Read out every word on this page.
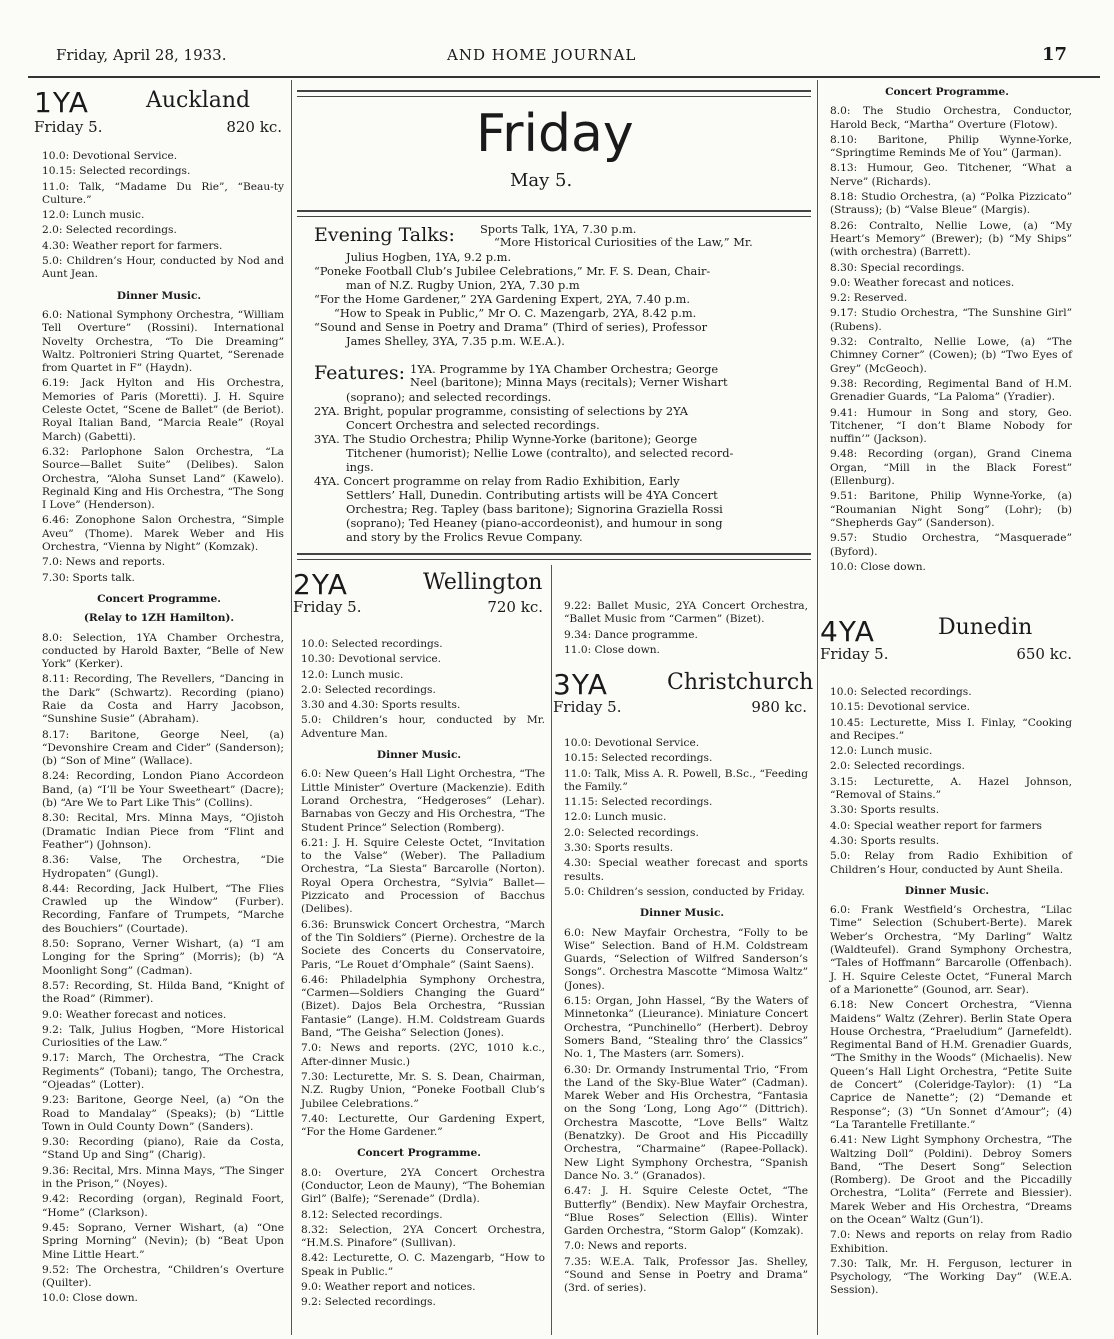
Friday, April 28, 1933.	AND HOME JOURNAL	17
1YA	Auckland
Friday 5.	820 kc.

10.0: Devotional Service.

10.15: Selected recordings.

11.0: Talk, “Madame Du Rie”, “Beau-ty Culture.”

12.0: Lunch music.

2.0: Selected recordings.

4.30: Weather report for farmers.

5.0: Children’s Hour, conducted by Nod and Aunt Jean.

Dinner Music.

6.0: National Symphony Orchestra, “William Tell Overture” (Rossini). International Novelty Orchestra, “To Die Dreaming” Waltz. Poltronieri String Quartet, “Serenade from Quartet in F” (Haydn).

6.19: Jack Hylton and His Orchestra, Memories of Paris (Moretti). J. H. Squire Celeste Octet, “Scene de Ballet” (de Beriot). Royal Italian Band, “Marcia Reale” (Royal March) (Gabetti).

6.32: Parlophone Salon Orchestra, “La Source—Ballet Suite” (Delibes). Salon Orchestra, “Aloha Sunset Land” (Kawelo). Reginald King and His Orchestra, “The Song I Love” (Henderson).

6.46: Zonophone Salon Orchestra, “Simple Aveu” (Thome). Marek Weber and His Orchestra, “Vienna by Night” (Komzak).

7.0: News and reports.

7.30: Sports talk.

Concert Programme.
(Relay to 1ZH Hamilton).

8.0: Selection, 1YA Chamber Orchestra, conducted by Harold Baxter, “Belle of New York” (Kerker).

8.11: Recording, The Revellers, “Dancing in the Dark” (Schwartz). Recording (piano) Raie da Costa and Harry Jacobson, “Sunshine Susie” (Abraham).

8.17: Baritone, George Neel, (a) “Devonshire Cream and Cider” (Sanderson); (b) “Son of Mine” (Wallace).

8.24: Recording, London Piano Accordeon Band, (a) “I’ll be Your Sweetheart” (Dacre); (b) “Are We to Part Like This” (Collins).

8.30: Recital, Mrs. Minna Mays, “Ojistoh (Dramatic Indian Piece from “Flint and Feather”) (Johnson).

8.36: Valse, The Orchestra, “Die Hydropaten” (Gungl).

8.44: Recording, Jack Hulbert, “The Flies Crawled up the Window” (Furber). Recording, Fanfare of Trumpets, “Marche des Bouchiers” (Courtade).

8.50: Soprano, Verner Wishart, (a) “I am Longing for the Spring” (Morris); (b) “A Moonlight Song” (Cadman).

8.57: Recording, St. Hilda Band, “Knight of the Road” (Rimmer).

9.0: Weather forecast and notices.

9.2: Talk, Julius Hogben, “More Historical Curiosities of the Law.”

9.17: March, The Orchestra, “The Crack Regiments” (Tobani); tango, The Orchestra, “Ojeadas” (Lotter).

9.23: Baritone, George Neel, (a) “On the Road to Mandalay” (Speaks); (b) “Little Town in Ould County Down” (Sanders).

9.30: Recording (piano), Raie da Costa, “Stand Up and Sing” (Charig).

9.36: Recital, Mrs. Minna Mays, “The Singer in the Prison,” (Noyes).

9.42: Recording (organ), Reginald Foort, “Home” (Clarkson).

9.45: Soprano, Verner Wishart, (a) “One Spring Morning” (Nevin); (b) “Beat Upon Mine Little Heart.”

9.52: The Orchestra, “Children’s Overture (Quilter).

10.0: Close down.

Friday
May 5.
Evening Talks: Sports Talk, 1YA, 7.30 p.m.
“More Historical Curiosities of the Law,” Mr.
Julius Hogben, 1YA, 9.2 p.m.
“Poneke Football Club’s Jubilee Celebrations,” Mr. F. S. Dean, Chair-
man of N.Z. Rugby Union, 2YA, 7.30 p.m
“For the Home Gardener,” 2YA Gardening Expert, 2YA, 7.40 p.m.
“How to Speak in Public,” Mr O. C. Mazengarb, 2YA, 8.42 p.m.
“Sound and Sense in Poetry and Drama” (Third of series), Professor
James Shelley, 3YA, 7.35 p.m. W.E.A.).
Features: 1YA. Programme by 1YA Chamber Orchestra; George
Neel (baritone); Minna Mays (recitals); Verner Wishart
(soprano); and selected recordings.
2YA. Bright, popular programme, consisting of selections by 2YA
Concert Orchestra and selected recordings.
3YA. The Studio Orchestra; Philip Wynne-Yorke (baritone); George
Titchener (humorist); Nellie Lowe (contralto), and selected record-
ings.
4YA. Concert programme on relay from Radio Exhibition, Early
Settlers’ Hall, Dunedin. Contributing artists will be 4YA Concert
Orchestra; Reg. Tapley (bass baritone); Signorina Graziella Rossi
(soprano); Ted Heaney (piano-accordeonist), and humour in song
and story by the Frolics Revue Company.
2YA	Wellington
Friday 5.	720 kc.

10.0: Selected recordings.

10.30: Devotional service.

12.0: Lunch music.

2.0: Selected recordings.

3.30 and 4.30: Sports results.

5.0: Children’s hour, conducted by Mr. Adventure Man.

Dinner Music.

6.0: New Queen’s Hall Light Orchestra, “The Little Minister” Overture (Mackenzie). Edith Lorand Orchestra, “Hedgeroses” (Lehar). Barnabas von Geczy and His Orchestra, “The Student Prince” Selection (Romberg).

6.21: J. H. Squire Celeste Octet, “Invitation to the Valse” (Weber). The Palladium Orchestra, “La Siesta” Barcarolle (Norton). Royal Opera Orchestra, “Sylvia” Ballet—Pizzicato and Procession of Bacchus (Delibes).

6.36: Brunswick Concert Orchestra, “March of the Tin Soldiers” (Pierne). Orchestre de la Societe des Concerts du Conservatoire, Paris, “Le Rouet d’Omphale” (Saint Saens).

6.46: Philadelphia Symphony Orchestra, “Carmen—Soldiers Changing the Guard” (Bizet). Dajos Bela Orchestra, “Russian Fantasie” (Lange). H.M. Coldstream Guards Band, “The Geisha” Selection (Jones).

7.0: News and reports. (2YC, 1010 k.c., After-dinner Music.)

7.30: Lecturette, Mr. S. S. Dean, Chairman, N.Z. Rugby Union, “Poneke Football Club’s Jubilee Celebrations.”

7.40: Lecturette, Our Gardening Expert, “For the Home Gardener.”

Concert Programme.

8.0: Overture, 2YA Concert Orchestra (Conductor, Leon de Mauny), “The Bohemian Girl” (Balfe); “Serenade” (Drdla).

8.12: Selected recordings.

8.32: Selection, 2YA Concert Orchestra, “H.M.S. Pinafore” (Sullivan).

8.42: Lecturette, O. C. Mazengarb, “How to Speak in Public.”

9.0: Weather report and notices.

9.2: Selected recordings.

9.22: Ballet Music, 2YA Concert Orchestra, “Ballet Music from “Carmen” (Bizet).

9.34: Dance programme.

11.0: Close down.

3YA	Christchurch
Friday 5.	980 kc.

10.0: Devotional Service.

10.15: Selected recordings.

11.0: Talk, Miss A. R. Powell, B.Sc., “Feeding the Family.”

11.15: Selected recordings.

12.0: Lunch music.

2.0: Selected recordings.

3.30: Sports results.

4.30: Special weather forecast and sports results.

5.0: Children’s session, conducted by Friday.

Dinner Music.

6.0: New Mayfair Orchestra, “Folly to be Wise” Selection. Band of H.M. Coldstream Guards, “Selection of Wilfred Sanderson’s Songs”. Orchestra Mascotte “Mimosa Waltz” (Jones).

6.15: Organ, John Hassel, “By the Waters of Minnetonka” (Lieurance). Miniature Concert Orchestra, “Punchinello” (Herbert). Debroy Somers Band, “Stealing thro’ the Classics” No. 1, The Masters (arr. Somers).

6.30: Dr. Ormandy Instrumental Trio, “From the Land of the Sky-Blue Water” (Cadman). Marek Weber and His Orchestra, “Fantasia on the Song ‘Long, Long Ago’” (Dittrich). Orchestra Mascotte, “Love Bells” Waltz (Benatzky). De Groot and His Piccadilly Orchestra, “Charmaine” (Rapee-Pollack). New Light Symphony Orchestra, “Spanish Dance No. 3.” (Granados).

6.47: J. H. Squire Celeste Octet, “The Butterfly” (Bendix). New Mayfair Orchestra, “Blue Roses” Selection (Ellis). Winter Garden Orchestra, “Storm Galop” (Komzak).

7.0: News and reports.

7.35: W.E.A. Talk, Professor Jas. Shelley, “Sound and Sense in Poetry and Drama” (3rd. of series).

Concert Programme.

8.0: The Studio Orchestra, Conductor, Harold Beck, “Martha” Overture (Flotow).

8.10: Baritone, Philip Wynne-Yorke, “Springtime Reminds Me of You” (Jarman).

8.13: Humour, Geo. Titchener, “What a Nerve” (Richards).

8.18: Studio Orchestra, (a) “Polka Pizzicato” (Strauss); (b) “Valse Bleue” (Margis).

8.26: Contralto, Nellie Lowe, (a) “My Heart’s Memory” (Brewer); (b) “My Ships” (with orchestra) (Barrett).

8.30: Special recordings.

9.0: Weather forecast and notices.

9.2: Reserved.

9.17: Studio Orchestra, “The Sunshine Girl” (Rubens).

9.32: Contralto, Nellie Lowe, (a) “The Chimney Corner” (Cowen); (b) “Two Eyes of Grey” (McGeoch).

9.38: Recording, Regimental Band of H.M. Grenadier Guards, “La Paloma” (Yradier).

9.41: Humour in Song and story, Geo. Titchener, “I don’t Blame Nobody for nuffin’” (Jackson).

9.48: Recording (organ), Grand Cinema Organ, “Mill in the Black Forest” (Ellenburg).

9.51: Baritone, Philip Wynne-Yorke, (a) “Roumanian Night Song” (Lohr); (b) “Shepherds Gay” (Sanderson).

9.57: Studio Orchestra, “Masquerade” (Byford).

10.0: Close down.

4YA	Dunedin
Friday 5.	650 kc.

10.0: Selected recordings.

10.15: Devotional service.

10.45: Lecturette, Miss I. Finlay, “Cooking and Recipes.”

12.0: Lunch music.

2.0: Selected recordings.

3.15: Lecturette, A. Hazel Johnson, “Removal of Stains.”

3.30: Sports results.

4.0: Special weather report for farmers

4.30: Sports results.

5.0: Relay from Radio Exhibition of Children’s Hour, conducted by Aunt Sheila.

Dinner Music.

6.0: Frank Westfield’s Orchestra, “Lilac Time” Selection (Schubert-Berte). Marek Weber’s Orchestra, “My Darling” Waltz (Waldteufel). Grand Symphony Orchestra, “Tales of Hoffmann” Barcarolle (Offenbach). J. H. Squire Celeste Octet, “Funeral March of a Marionette” (Gounod, arr. Sear).

6.18: New Concert Orchestra, “Vienna Maidens” Waltz (Zehrer). Berlin State Opera House Orchestra, “Praeludium” (Jarnefeldt). Regimental Band of H.M. Grenadier Guards, “The Smithy in the Woods” (Michaelis). New Queen’s Hall Light Orchestra, “Petite Suite de Concert” (Coleridge-Taylor): (1) “La Caprice de Nanette”; (2) “Demande et Response”; (3) “Un Sonnet d’Amour”; (4) “La Tarantelle Fretillante.”

6.41: New Light Symphony Orchestra, “The Waltzing Doll” (Poldini). Debroy Somers Band, “The Desert Song” Selection (Romberg). De Groot and the Piccadilly Orchestra, “Lolita” (Ferrete and Biessier). Marek Weber and His Orchestra, “Dreams on the Ocean” Waltz (Gun’l).

7.0: News and reports on relay from Radio Exhibition.

7.30: Talk, Mr. H. Ferguson, lecturer in Psychology, “The Working Day” (W.E.A. Session).
